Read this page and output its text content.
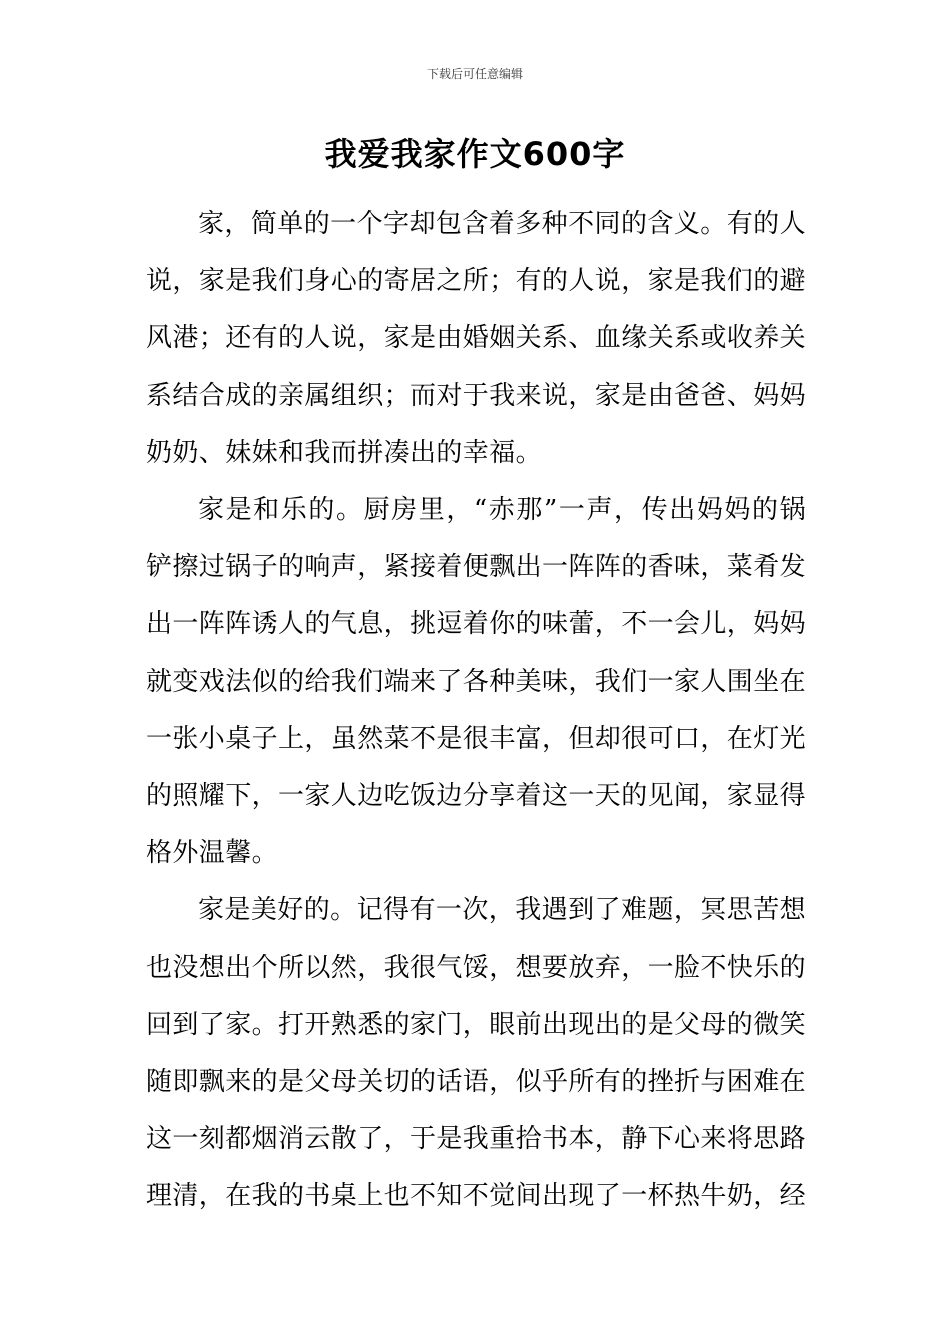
下载后可任意编辑
我爱我家作文600字

家，简单的一个字却包含着多种不同的含义。有的人说，家是我们身心的寄居之所；有的人说，家是我们的避风港；还有的人说，家是由婚姻关系、血缘关系或收养关系结合成的亲属组织；而对于我来说，家是由爸爸、妈妈奶奶、妹妹和我而拼凑出的幸福。

家是和乐的。厨房里，“赤那”一声，传出妈妈的锅铲擦过锅子的响声，紧接着便飘出一阵阵的香味，菜肴发出一阵阵诱人的气息，挑逗着你的味蕾，不一会儿，妈妈就变戏法似的给我们端来了各种美味，我们一家人围坐在一张小桌子上，虽然菜不是很丰富，但却很可口，在灯光的照耀下，一家人边吃饭边分享着这一天的见闻，家显得格外温馨。

家是美好的。记得有一次，我遇到了难题，冥思苦想也没想出个所以然，我很气馁，想要放弃，一脸不快乐的回到了家。打开熟悉的家门，眼前出现出的是父母的微笑随即飘来的是父母关切的话语，似乎所有的挫折与困难在这一刻都烟消云散了，于是我重拾书本，静下心来将思路理清，在我的书桌上也不知不觉间出现了一杯热牛奶，经
